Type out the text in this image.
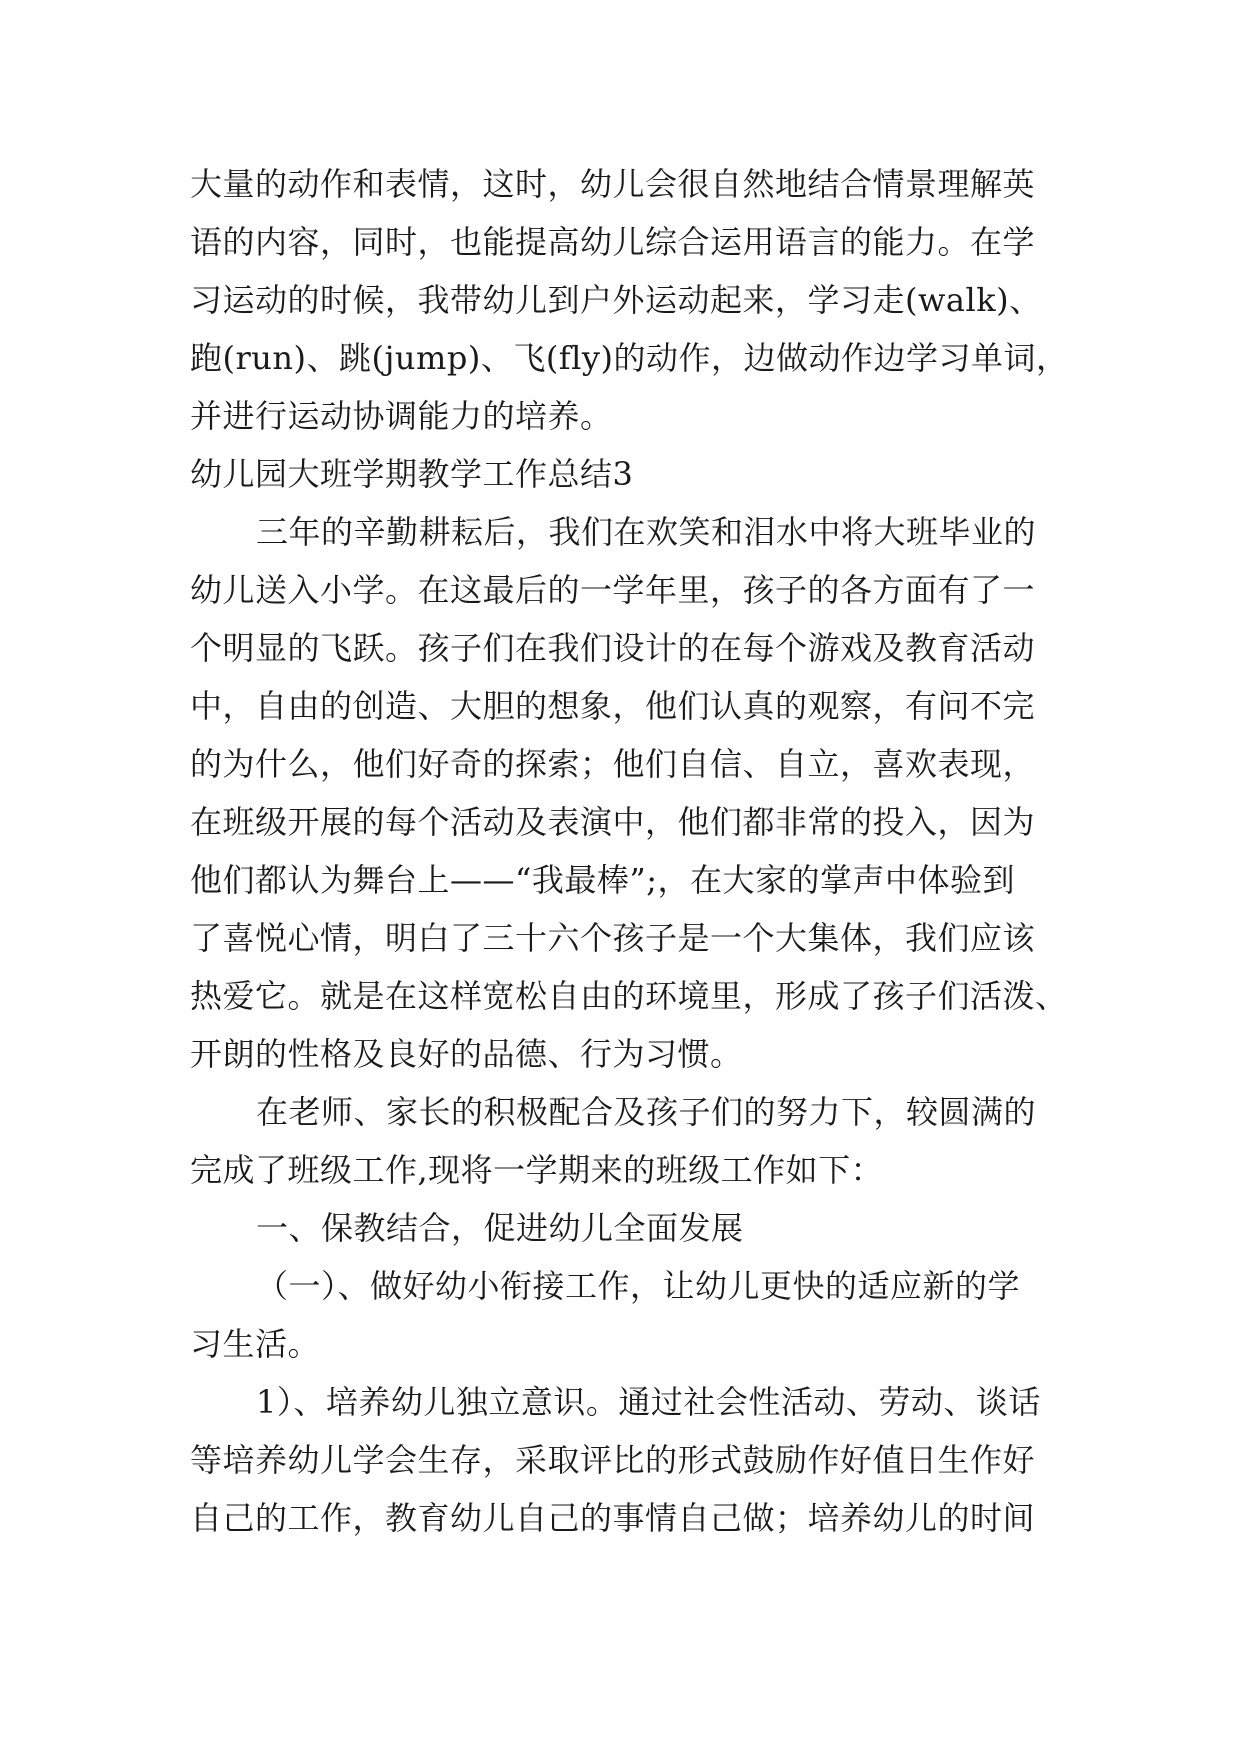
大量的动作和表情，这时，幼儿会很自然地结合情景理解英
语的内容，同时，也能提高幼儿综合运用语言的能力。在学
习运动的时候，我带幼儿到户外运动起来，学习走(walk)、
跑(run)、跳(jump)、飞(fly)的动作，边做动作边学习单词，
并进行运动协调能力的培养。
幼儿园大班学期教学工作总结3
三年的辛勤耕耘后，我们在欢笑和泪水中将大班毕业的
幼儿送入小学。在这最后的一学年里，孩子的各方面有了一
个明显的飞跃。孩子们在我们设计的在每个游戏及教育活动
中，自由的创造、大胆的想象，他们认真的观察，有问不完
的为什么，他们好奇的探索；他们自信、自立，喜欢表现，
在班级开展的每个活动及表演中，他们都非常的投入，因为
他们都认为舞台上——“我最棒”;，在大家的掌声中体验到
了喜悦心情，明白了三十六个孩子是一个大集体，我们应该
热爱它。就是在这样宽松自由的环境里，形成了孩子们活泼、
开朗的性格及良好的品德、行为习惯。
在老师、家长的积极配合及孩子们的努力下，较圆满的
完成了班级工作,现将一学期来的班级工作如下：
一、保教结合，促进幼儿全面发展
（一）、做好幼小衔接工作，让幼儿更快的适应新的学
习生活。
1）、培养幼儿独立意识。通过社会性活动、劳动、谈话
等培养幼儿学会生存，采取评比的形式鼓励作好值日生作好
自己的工作，教育幼儿自己的事情自己做；培养幼儿的时间
